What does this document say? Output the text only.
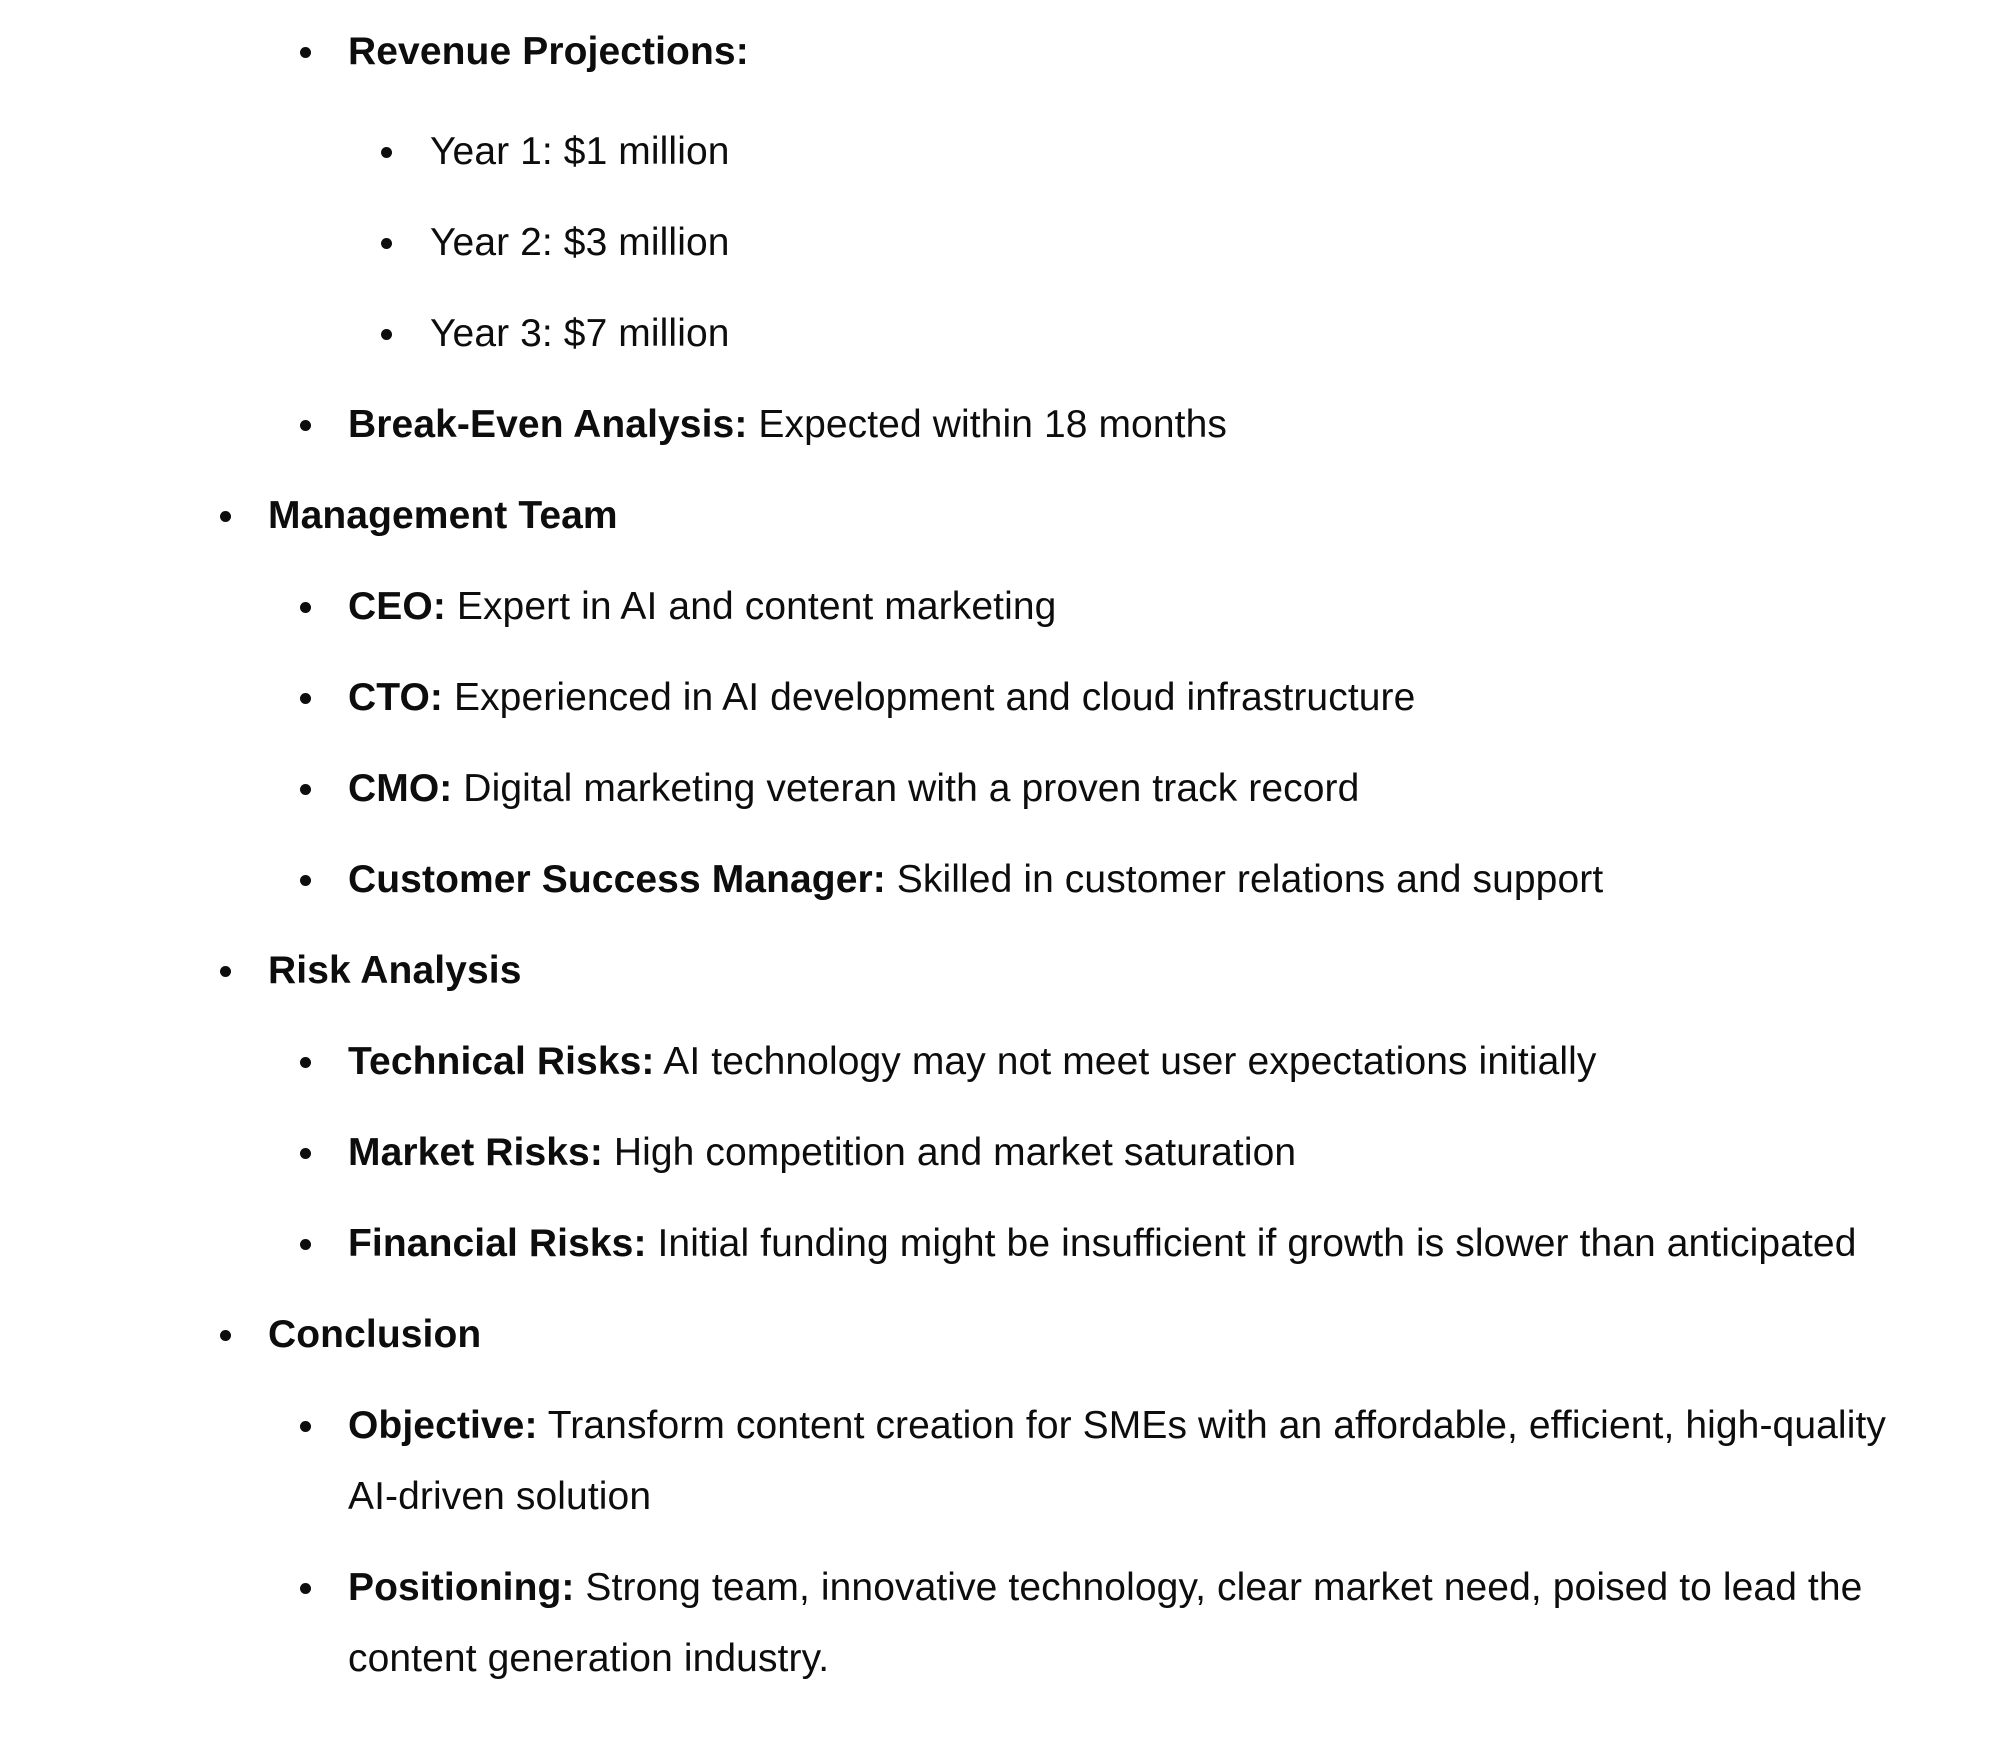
Revenue Projections:
Year 1: $1 million
Year 2: $3 million
Year 3: $7 million
Break-Even Analysis: Expected within 18 months
Management Team
CEO: Expert in AI and content marketing
CTO: Experienced in AI development and cloud infrastructure
CMO: Digital marketing veteran with a proven track record
Customer Success Manager: Skilled in customer relations and support
Risk Analysis
Technical Risks: AI technology may not meet user expectations initially
Market Risks: High competition and market saturation
Financial Risks: Initial funding might be insufficient if growth is slower than anticipated
Conclusion
Objective: Transform content creation for SMEs with an affordable, efficient, high-quality
AI-driven solution
Positioning: Strong team, innovative technology, clear market need, poised to lead the
content generation industry.
